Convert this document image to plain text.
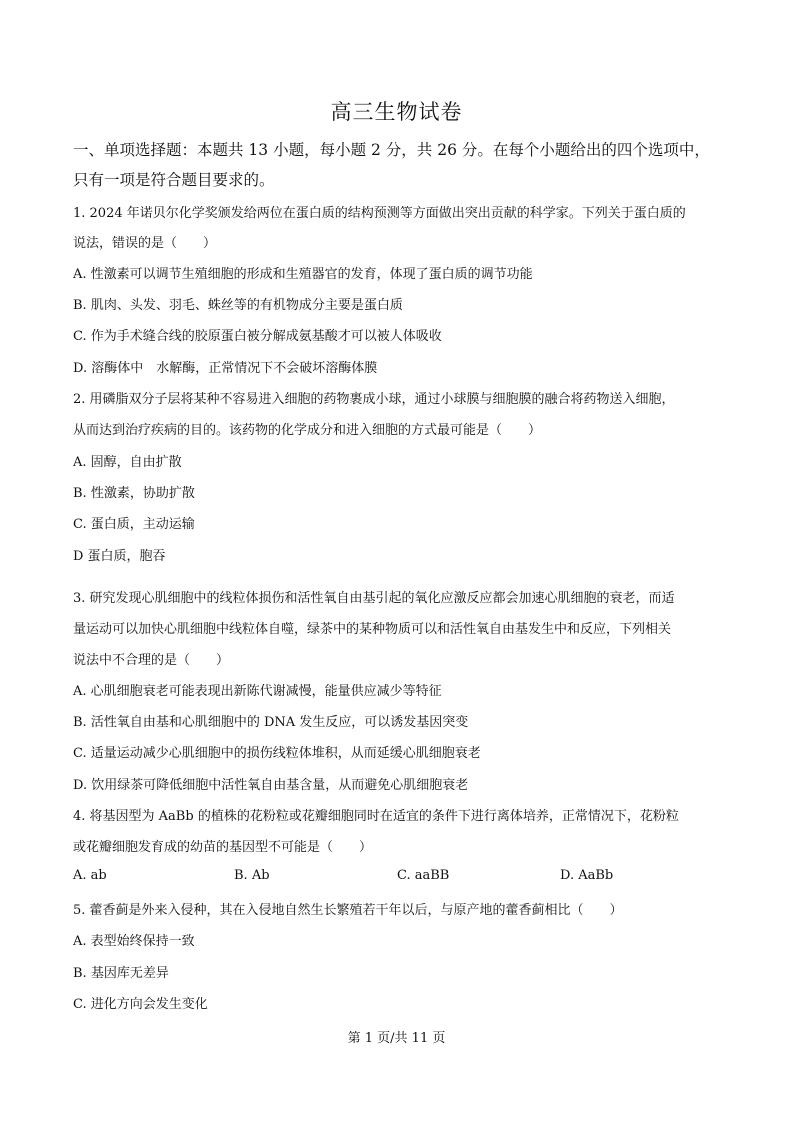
高三生物试卷
一、单项选择题：本题共 13 小题，每小题 2 分，共 26 分。在每个小题给出的四个选项中，
只有一项是符合题目要求的。
1. 2024 年诺贝尔化学奖颁发给两位在蛋白质的结构预测等方面做出突出贡献的科学家。下列关于蛋白质的
说法，错误的是（　　）
A. 性激素可以调节生殖细胞的形成和生殖器官的发育，体现了蛋白质的调节功能
B. 肌肉、头发、羽毛、蛛丝等的有机物成分主要是蛋白质
C. 作为手术缝合线的胶原蛋白被分解成氨基酸才可以被人体吸收
D. 溶酶体中　水解酶，正常情况下不会破坏溶酶体膜
2. 用磷脂双分子层将某种不容易进入细胞的药物裹成小球，通过小球膜与细胞膜的融合将药物送入细胞，
从而达到治疗疾病的目的。该药物的化学成分和进入细胞的方式最可能是（　　）
A. 固醇，自由扩散
B. 性激素，协助扩散
C. 蛋白质，主动运输
D 蛋白质，胞吞
3. 研究发现心肌细胞中的线粒体损伤和活性氧自由基引起的氧化应激反应都会加速心肌细胞的衰老，而适
量运动可以加快心肌细胞中线粒体自噬，绿茶中的某种物质可以和活性氧自由基发生中和反应，下列相关
说法中不合理的是（　　）
A. 心肌细胞衰老可能表现出新陈代谢减慢，能量供应减少等特征
B. 活性氧自由基和心肌细胞中的 DNA 发生反应，可以诱发基因突变
C. 适量运动减少心肌细胞中的损伤线粒体堆积，从而延缓心肌细胞衰老
D. 饮用绿茶可降低细胞中活性氧自由基含量，从而避免心肌细胞衰老
4. 将基因型为 AaBb 的植株的花粉粒或花瓣细胞同时在适宜的条件下进行离体培养，正常情况下，花粉粒
或花瓣细胞发育成的幼苗的基因型不可能是（　　）
A. ab	B. Ab	C. aaBB	D. AaBb
5. 藿香蓟是外来入侵种，其在入侵地自然生长繁殖若干年以后，与原产地的藿香蓟相比（　　）
A. 表型始终保持一致
B. 基因库无差异
C. 进化方向会发生变化
第 1 页/共 11 页
